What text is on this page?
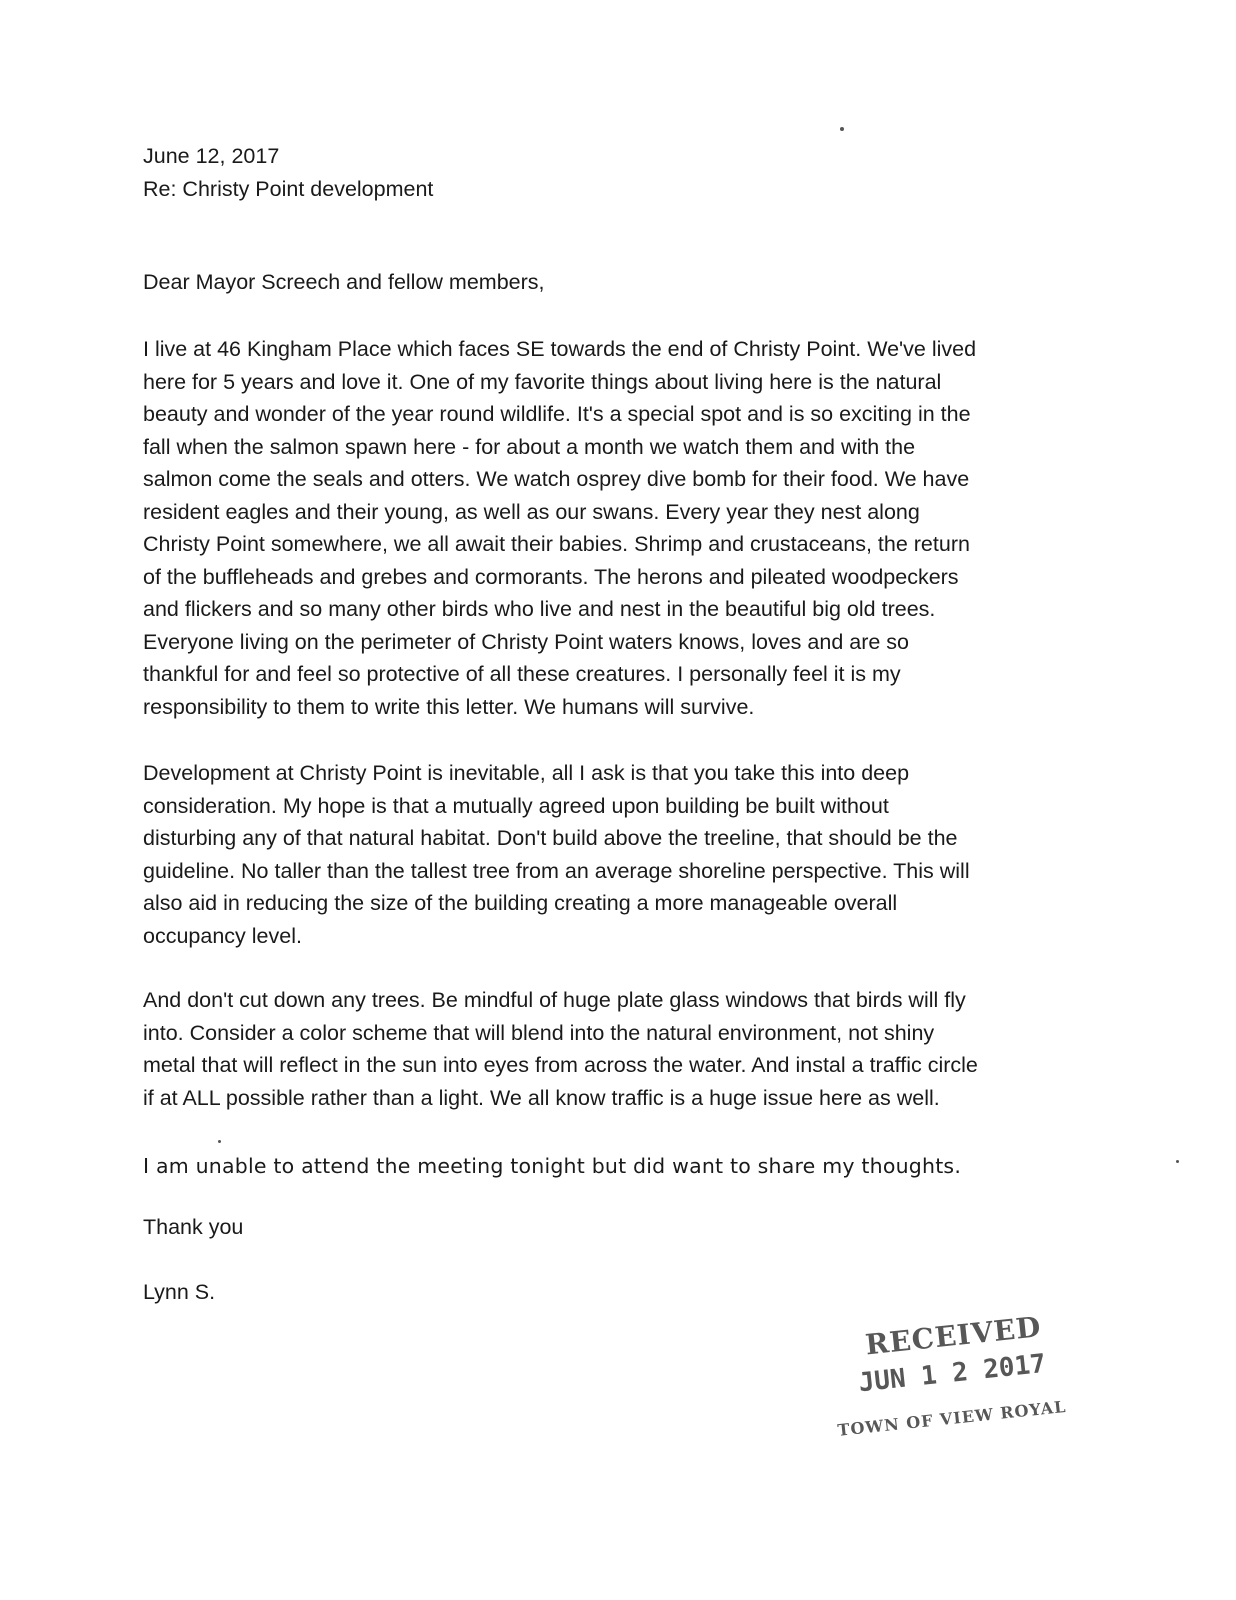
June 12, 2017
Re: Christy Point development
Dear Mayor Screech and fellow members,
I live at 46 Kingham Place which faces SE towards the end of Christy Point. We've lived
here for 5 years and love it. One of my favorite things about living here is the natural
beauty and wonder of the year round wildlife. It's a special spot and is so exciting in the
fall when the salmon spawn here - for about a month we watch them and with the
salmon come the seals and otters. We watch osprey dive bomb for their food. We have
resident eagles and their young, as well as our swans. Every year they nest along
Christy Point somewhere, we all await their babies. Shrimp and crustaceans, the return
of the buffleheads and grebes and cormorants. The herons and pileated woodpeckers
and flickers and so many other birds who live and nest in the beautiful big old trees.
Everyone living on the perimeter of Christy Point waters knows, loves and are so
thankful for and feel so protective of all these creatures. I personally feel it is my
responsibility to them to write this letter. We humans will survive.
Development at Christy Point is inevitable, all I ask is that you take this into deep
consideration. My hope is that a mutually agreed upon building be built without
disturbing any of that natural habitat. Don't build above the treeline, that should be the
guideline. No taller than the tallest tree from an average shoreline perspective. This will
also aid in reducing the size of the building creating a more manageable overall
occupancy level.
And don't cut down any trees. Be mindful of huge plate glass windows that birds will fly
into. Consider a color scheme that will blend into the natural environment, not shiny
metal that will reflect in the sun into eyes from across the water. And instal a traffic circle
if at ALL possible rather than a light. We all know traffic is a huge issue here as well.
I am unable to attend the meeting tonight but did want to share my thoughts.
Thank you
Lynn S.
RECEIVED
JUN 1 2 2017
TOWN OF VIEW ROYAL
